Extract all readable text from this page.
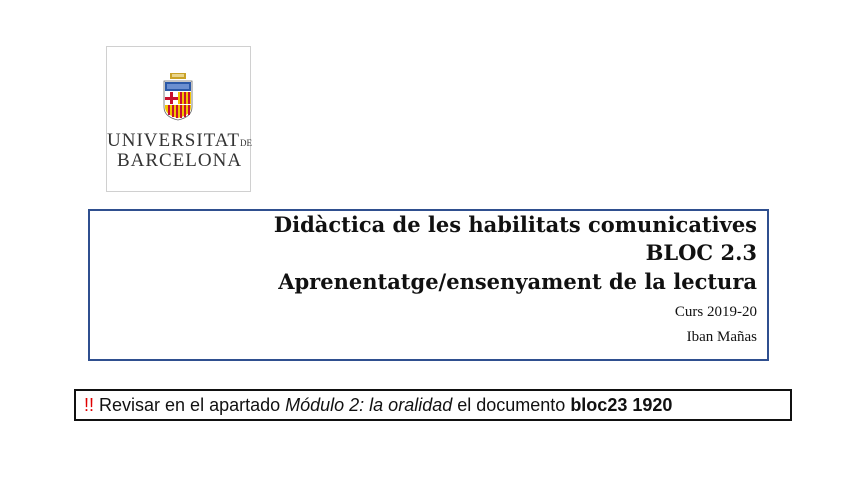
UNIVERSITATDE
BARCELONA
Didàctica de les habilitats comunicatives
BLOC 2.3
Aprenentatge/ensenyament de la lectura
Curs 2019-20
Iban Mañas
!! Revisar en el apartado Módulo 2: la oralidad el documento bloc23 1920
